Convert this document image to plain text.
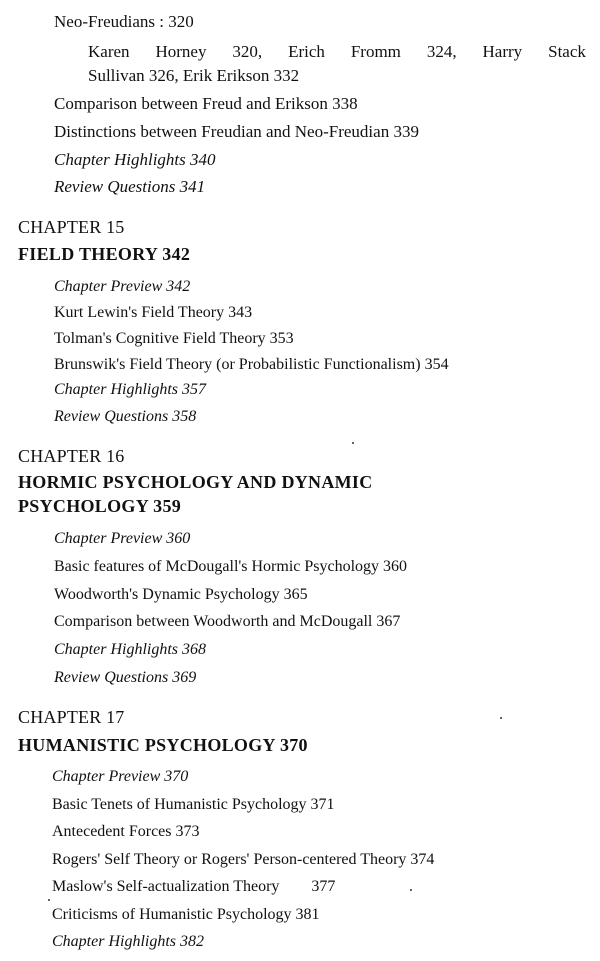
Neo-Freudians : 320
Karen Horney 320, Erich Fromm 324, Harry Stack
Sullivan 326, Erik Erikson 332
Comparison between Freud and Erikson 338
Distinctions between Freudian and Neo-Freudian 339
Chapter Highlights 340
Review Questions 341
CHAPTER 15
FIELD THEORY 342
Chapter Preview 342
Kurt Lewin's Field Theory 343
Tolman's Cognitive Field Theory 353
Brunswik's Field Theory (or Probabilistic Functionalism) 354
Chapter Highlights 357
Review Questions 358
CHAPTER 16
HORMIC PSYCHOLOGY AND DYNAMIC
PSYCHOLOGY 359
Chapter Preview 360
Basic features of McDougall's Hormic Psychology 360
Woodworth's Dynamic Psychology 365
Comparison between Woodworth and McDougall 367
Chapter Highlights 368
Review Questions 369
CHAPTER 17
HUMANISTIC PSYCHOLOGY 370
Chapter Preview 370
Basic Tenets of Humanistic Psychology 371
Antecedent Forces 373
Rogers' Self Theory or Rogers' Person-centered Theory 374
Maslow's Self-actualization Theory        377
Criticisms of Humanistic Psychology 381
Chapter Highlights 382
